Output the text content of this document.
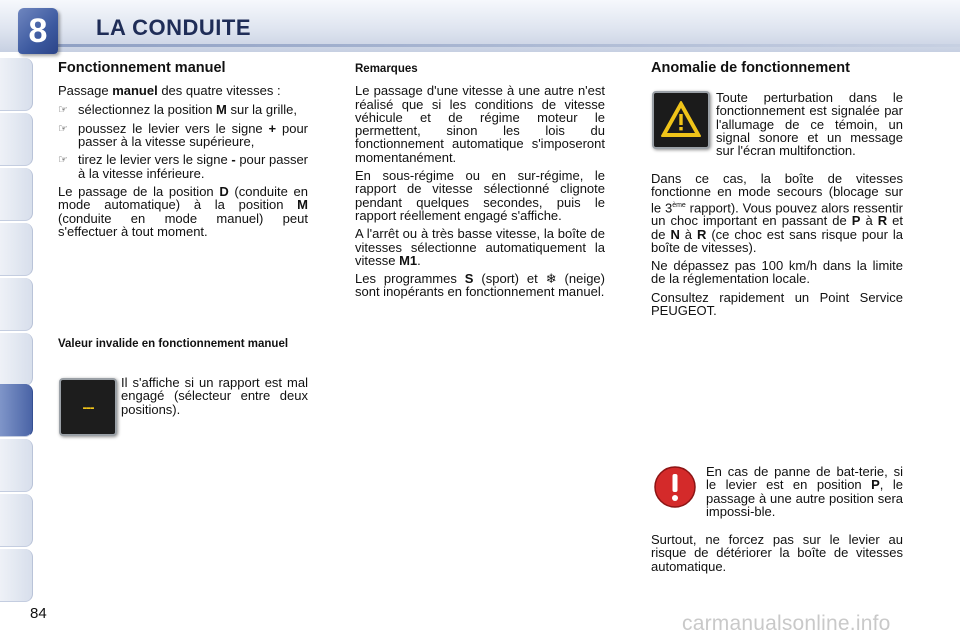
8	LA CONDUITE
Fonctionnement manuel

Passage manuel des quatre vitesses :

☞ sélectionnez la position M sur la grille,
☞ poussez le levier vers le signe + pour passer à la vitesse supérieure,
☞ tirez le levier vers le signe - pour passer à la vitesse inférieure.

Le passage de la position D (conduite en mode automatique) à la position M (conduite en mode manuel) peut s'effectuer à tout moment.

Valeur invalide en fonctionnement manuel
---

Il s'affiche si un rapport est mal engagé (sélecteur entre deux positions).

Remarques

Le passage d'une vitesse à une autre n'est réalisé que si les conditions de vitesse véhicule et de régime moteur le permettent, sinon les lois du fonctionnement automatique s'imposeront momentanément.

En sous-régime ou en sur-régime, le rapport de vitesse sélectionné clignote pendant quelques secondes, puis le rapport réellement engagé s'affiche.

A l'arrêt ou à très basse vitesse, la boîte de vitesses sélectionne automatiquement la vitesse M1.

Les programmes S (sport) et ❄ (neige) sont inopérants en fonctionnement manuel.

Anomalie de fonctionnement

Toute perturbation dans le fonctionnement est signalée par l'allumage de ce témoin, un signal sonore et un message sur l'écran multifonction.

Dans ce cas, la boîte de vitesses fonctionne en mode secours (blocage sur le 3ème rapport). Vous pouvez alors ressentir un choc important en passant de P à R et de N à R (ce choc est sans risque pour la boîte de vitesses).

Ne dépassez pas 100 km/h dans la limite de la réglementation locale.

Consultez rapidement un Point Service PEUGEOT.

En cas de panne de bat-terie, si le levier est en position P, le passage à une autre position sera impossi-ble.

Surtout, ne forcez pas sur le levier au risque de détériorer la boîte de vitesses automatique.

84	carmanualsonline.info
